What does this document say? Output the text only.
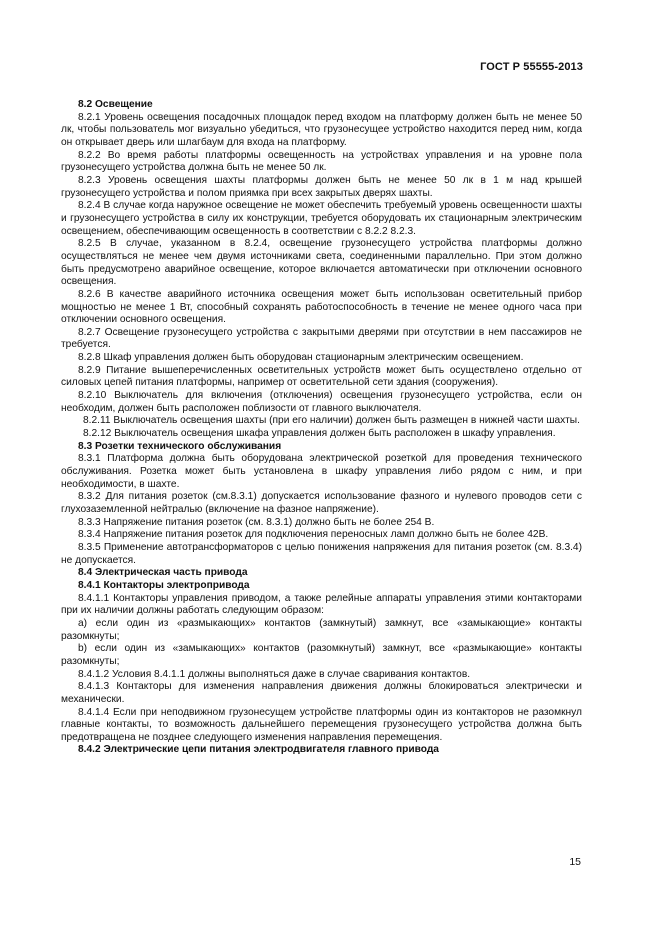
ГОСТ Р 55555-2013

8.2 Освещение

8.2.1 Уровень освещения посадочных площадок перед входом на платформу должен быть не менее 50 лк, чтобы пользователь мог визуально убедиться, что грузонесущее устройство находится перед ним, когда он открывает дверь или шлагбаум для входа на платформу.

8.2.2 Во время работы платформы освещенность на устройствах управления и на уровне пола грузонесущего устройства должна быть не менее 50 лк.

8.2.3 Уровень освещения шахты платформы должен быть не менее 50 лк в 1 м над крышей грузонесущего устройства и полом приямка при всех закрытых дверях шахты.

8.2.4 В случае когда наружное освещение не может обеспечить требуемый уровень освещенности шахты и грузонесущего устройства в силу их конструкции, требуется оборудовать их стационарным электрическим освещением, обеспечивающим освещенность в соответствии с 8.2.2 8.2.3.

8.2.5 В случае, указанном в 8.2.4, освещение грузонесущего устройства платформы должно осуществляться не менее чем двумя источниками света, соединенными параллельно. При этом должно быть предусмотрено аварийное освещение, которое включается автоматически при отключении основного освещения.

8.2.6 В качестве аварийного источника освещения может быть использован осветительный прибор мощностью не менее 1 Вт, способный сохранять работоспособность в течение не менее одного часа при отключении основного освещения.

8.2.7 Освещение грузонесущего устройства с закрытыми дверями при отсутствии в нем пассажиров не требуется.

8.2.8 Шкаф управления должен быть оборудован стационарным электрическим освещением.

8.2.9 Питание вышеперечисленных осветительных устройств может быть осуществлено отдельно от силовых цепей питания платформы, например от осветительной сети здания (сооружения).

8.2.10 Выключатель для включения (отключения) освещения грузонесущего устройства, если он необходим, должен быть расположен поблизости от главного выключателя.

8.2.11 Выключатель освещения шахты (при его наличии) должен быть размещен в нижней части шахты.

8.2.12 Выключатель освещения шкафа управления должен быть расположен в шкафу управления.

8.3 Розетки технического обслуживания

8.3.1 Платформа должна быть оборудована электрической розеткой для проведения технического обслуживания. Розетка может быть установлена в шкафу управления либо рядом с ним, и при необходимости, в шахте.

8.3.2 Для питания розеток (см.8.3.1) допускается использование фазного и нулевого проводов сети с глухозаземленной нейтралью (включение на фазное напряжение).

8.3.3 Напряжение питания розеток (см. 8.3.1) должно быть не более 254 В.

8.3.4 Напряжение питания розеток для подключения переносных ламп должно быть не более 42В.

8.3.5 Применение автотрансформаторов с целью понижения напряжения для питания розеток (см. 8.3.4) не допускается.

8.4 Электрическая часть привода

8.4.1 Контакторы электропривода

8.4.1.1 Контакторы управления приводом, а также релейные аппараты управления этими контакторами при их наличии должны работать следующим образом:

а) если один из «размыкающих» контактов (замкнутый) замкнут, все «замыкающие» контакты разомкнуты;

b) если один из «замыкающих» контактов (разомкнутый) замкнут, все «размыкающие» контакты разомкнуты;

8.4.1.2 Условия 8.4.1.1 должны выполняться даже в случае сваривания контактов.

8.4.1.3 Контакторы для изменения направления движения должны блокироваться электрически и механически.

8.4.1.4 Если при неподвижном грузонесущем устройстве платформы один из контакторов не разомкнул главные контакты, то возможность дальнейшего перемещения грузонесущего устройства должна быть предотвращена не позднее следующего изменения направления перемещения.

8.4.2 Электрические цепи питания электродвигателя главного привода

15
